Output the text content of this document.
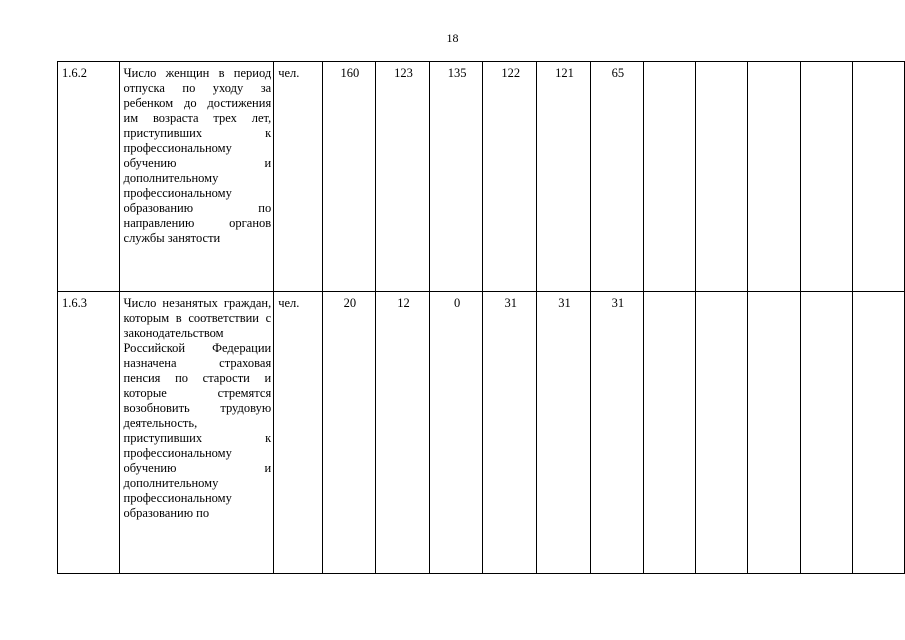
18
1.6.2	Число женщин в период отпуска по уходу за ребенком до достижения им возраста трех лет, приступивших к профессиональному обучению и дополнительному профессиональному образованию по направлению органов службы занятости	чел.	160	123	135	122	121	65					
1.6.3	Число незанятых граждан, которым в соответствии с законодательством Российской Федерации назначена страховая пенсия по старости и которые стремятся возобновить трудовую деятельность, приступивших к профессиональному обучению и дополнительному профессиональному образованию по	чел.	20	12	0	31	31	31					
